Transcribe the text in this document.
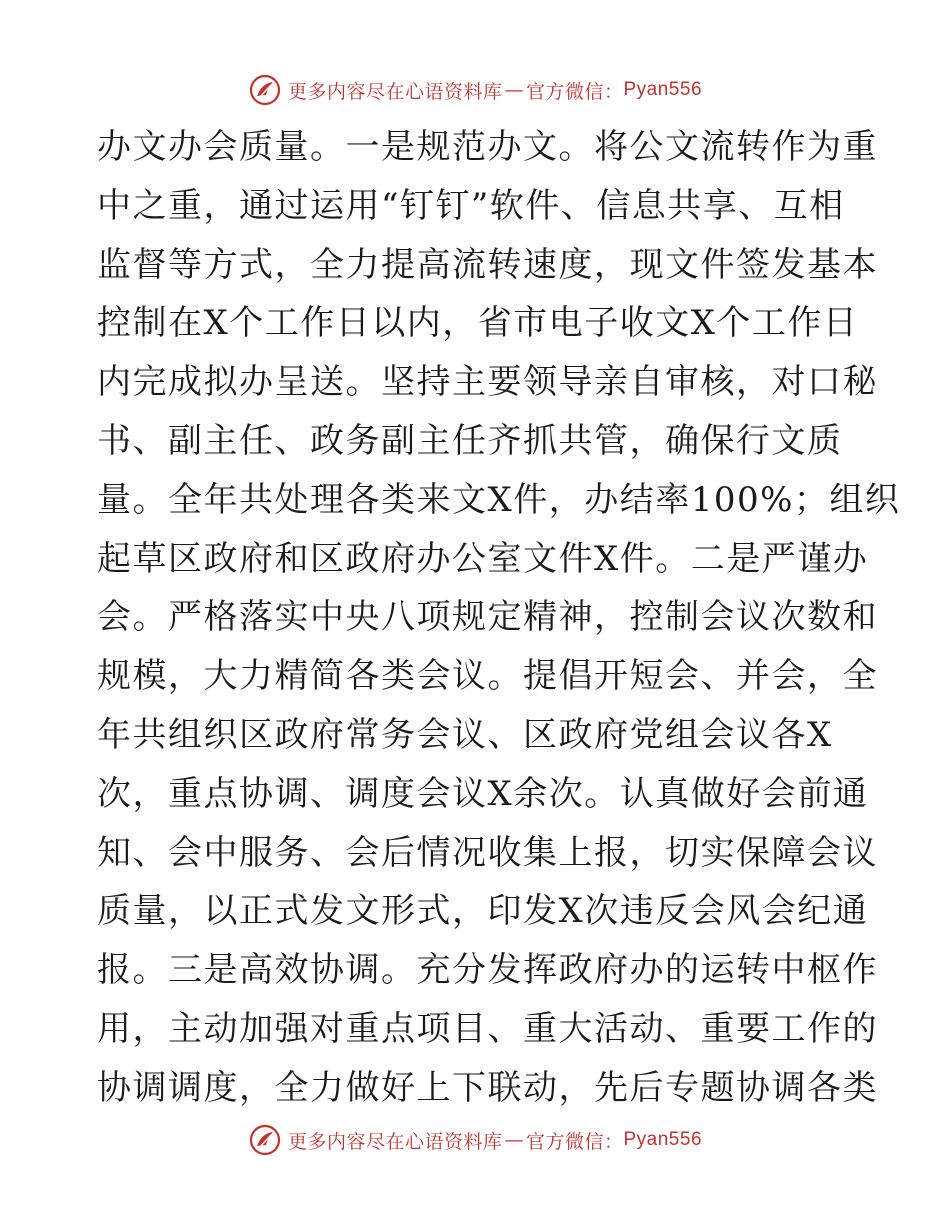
更多内容尽在心语资料库 — 官方微信： Pyan556
办文办会质量。一是规范办文。将公文流转作为重
中之重，通过运用“钉钉”软件、信息共享、互相
监督等方式，全力提高流转速度，现文件签发基本
控制在X个工作日以内，省市电子收文X个工作日
内完成拟办呈送。坚持主要领导亲自审核，对口秘
书、副主任、政务副主任齐抓共管，确保行文质
量。全年共处理各类来文X件，办结率100%；组织
起草区政府和区政府办公室文件X件。二是严谨办
会。严格落实中央八项规定精神，控制会议次数和
规模，大力精简各类会议。提倡开短会、并会，全
年共组织区政府常务会议、区政府党组会议各X
次，重点协调、调度会议X余次。认真做好会前通
知、会中服务、会后情况收集上报，切实保障会议
质量，以正式发文形式，印发X次违反会风会纪通
报。三是高效协调。充分发挥政府办的运转中枢作
用，主动加强对重点项目、重大活动、重要工作的
协调调度，全力做好上下联动，先后专题协调各类
更多内容尽在心语资料库 — 官方微信： Pyan556
